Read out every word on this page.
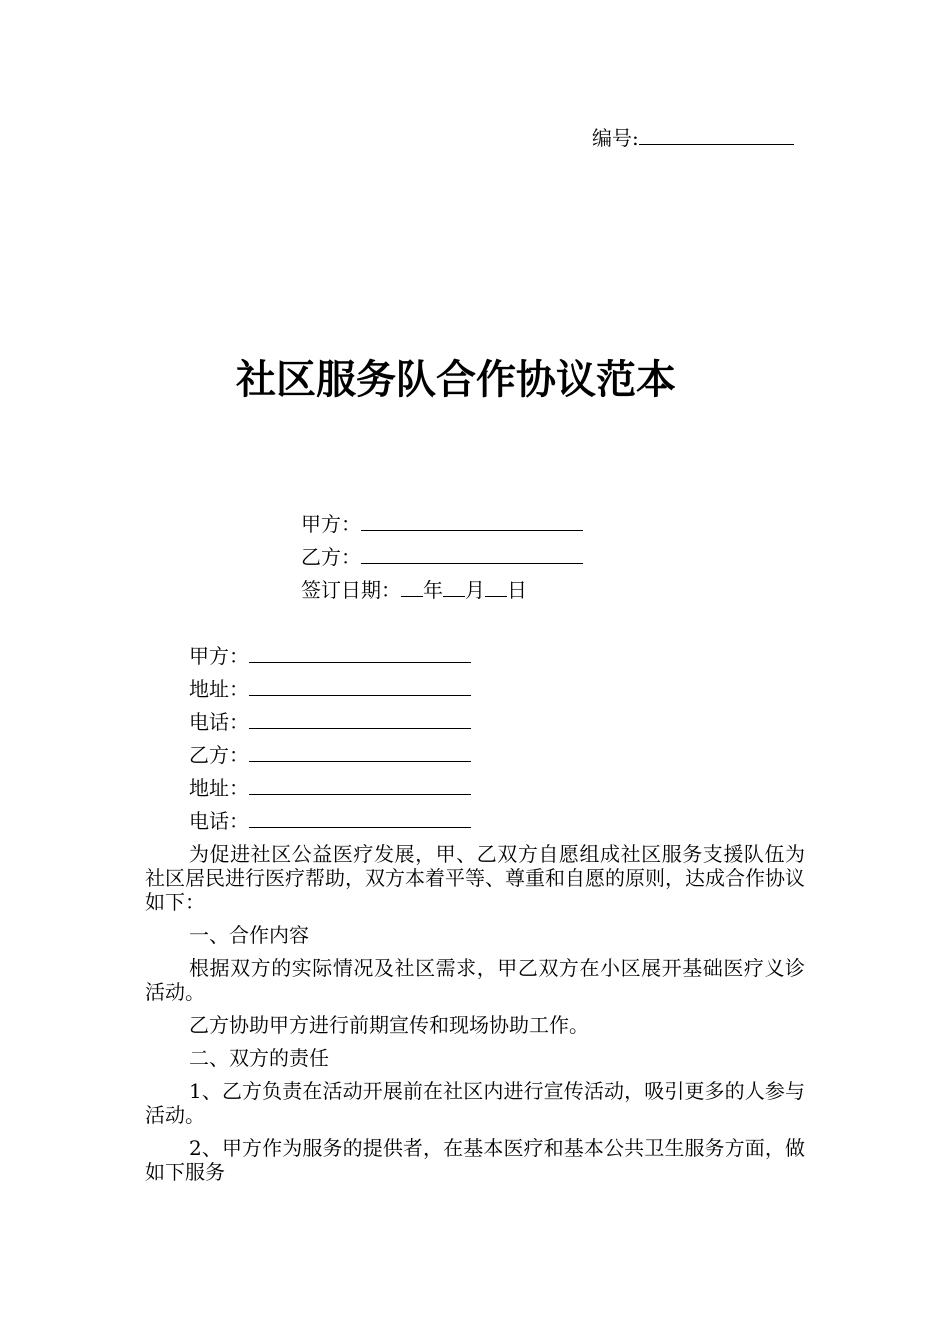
编号:
社区服务队合作协议范本
甲方：
乙方：
签订日期： 年 月 日
甲方：
地址：
电话：
乙方：
地址：
电话：

为促进社区公益医疗发展，甲、乙双方自愿组成社区服务支援队伍为社区居民进行医疗帮助，双方本着平等、尊重和自愿的原则，达成合作协议如下：

一、合作内容

根据双方的实际情况及社区需求，甲乙双方在小区展开基础医疗义诊活动。

乙方协助甲方进行前期宣传和现场协助工作。

二、双方的责任

1、乙方负责在活动开展前在社区内进行宣传活动，吸引更多的人参与活动。

2、甲方作为服务的提供者，在基本医疗和基本公共卫生服务方面，做如下服务
